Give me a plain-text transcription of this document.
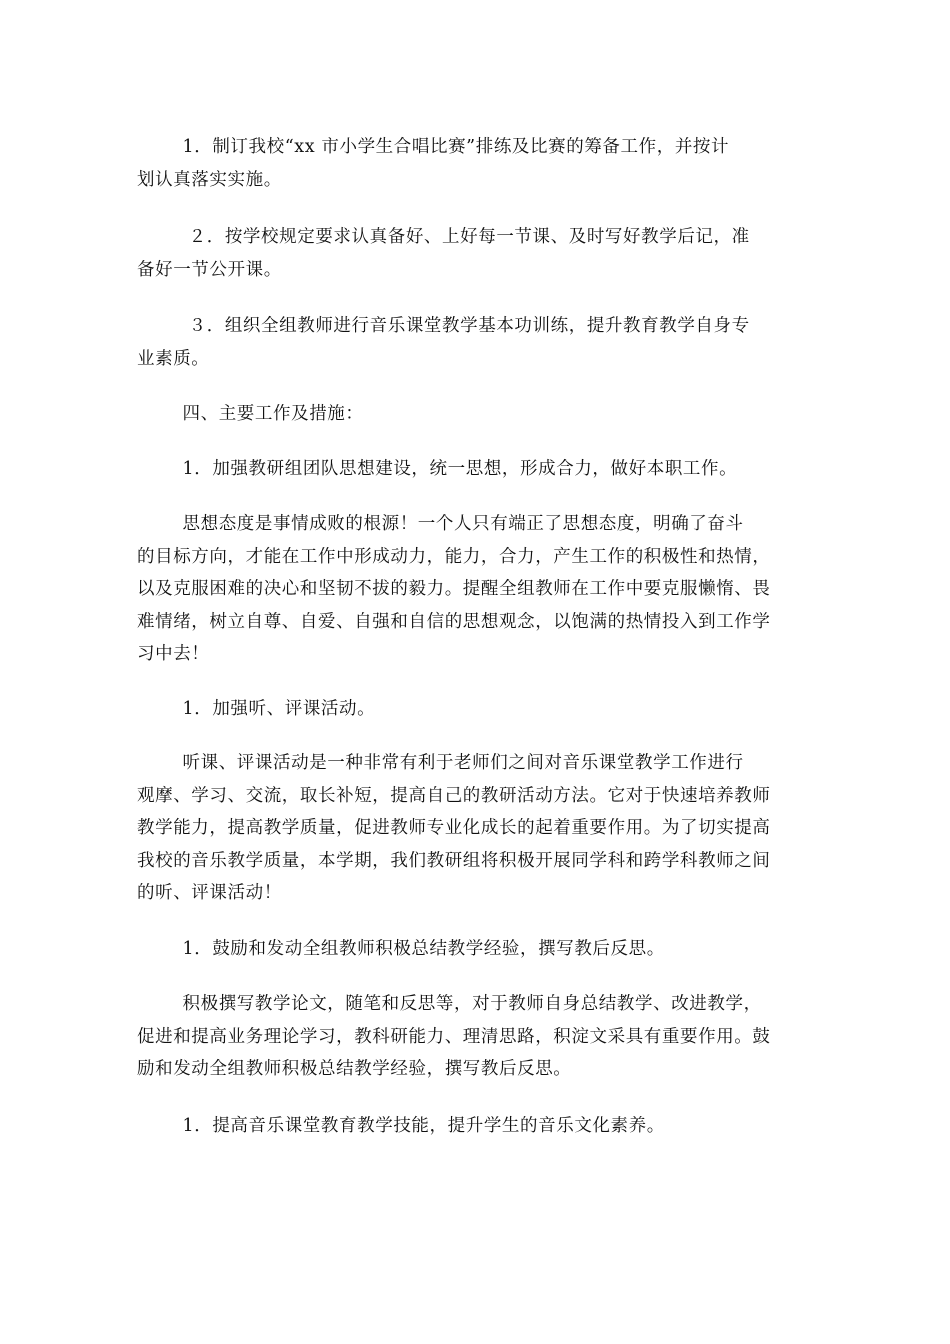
1．制订我校“xx 市小学生合唱比赛”排练及比赛的筹备工作，并按计
划认真落实实施。

２．按学校规定要求认真备好、上好每一节课、及时写好教学后记，准
备好一节公开课。

３．组织全组教师进行音乐课堂教学基本功训练，提升教育教学自身专
业素质。

四、主要工作及措施：

1．加强教研组团队思想建设，统一思想，形成合力，做好本职工作。

思想态度是事情成败的根源！一个人只有端正了思想态度，明确了奋斗
的目标方向，才能在工作中形成动力，能力，合力，产生工作的积极性和热情，
以及克服困难的决心和坚韧不拔的毅力。提醒全组教师在工作中要克服懒惰、畏
难情绪，树立自尊、自爱、自强和自信的思想观念，以饱满的热情投入到工作学
习中去！

1．加强听、评课活动。

听课、评课活动是一种非常有利于老师们之间对音乐课堂教学工作进行
观摩、学习、交流，取长补短，提高自己的教研活动方法。它对于快速培养教师
教学能力，提高教学质量，促进教师专业化成长的起着重要作用。为了切实提高
我校的音乐教学质量，本学期，我们教研组将积极开展同学科和跨学科教师之间
的听、评课活动！

1．鼓励和发动全组教师积极总结教学经验，撰写教后反思。

积极撰写教学论文，随笔和反思等，对于教师自身总结教学、改进教学，
促进和提高业务理论学习，教科研能力、理清思路，积淀文采具有重要作用。鼓
励和发动全组教师积极总结教学经验，撰写教后反思。

1．提高音乐课堂教育教学技能，提升学生的音乐文化素养。
